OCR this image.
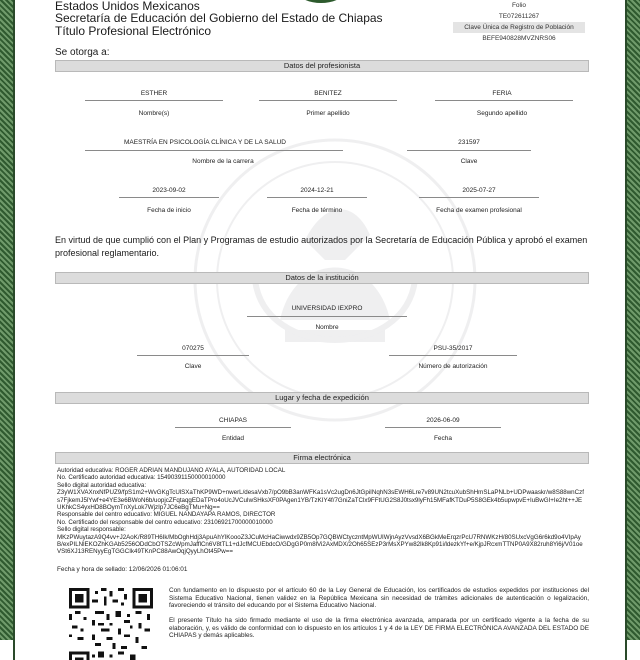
Estados Unidos Mexicanos
Secretaría de Educación del Gobierno del Estado de Chiapas
Título Profesional Electrónico
Folio
TE072611267
Clave Única de Registro de Población
BEFE940828MVZNRS06
Se otorga a:
Datos del profesionista
ESTHER
Nombre(s)
BENITEZ
Primer apellido
FERIA
Segundo apellido
MAESTRÍA EN PSICOLOGÍA CLÍNICA Y DE LA SALUD
Nombre de la carrera
231597
Clave
2023-09-02
Fecha de inicio
2024-12-21
Fecha de término
2025-07-27
Fecha de examen profesional
En virtud de que cumplió con el Plan y Programas de estudio autorizados por la Secretaría de Educación Pública y aprobó el examen profesional reglamentario.
Datos de la institución
UNIVERSIDAD IEXPRO
Nombre
070275
Clave
PSU-35/2017
Número de autorización
Lugar y fecha de expedición
CHIAPAS
Entidad
2026-06-09
Fecha
Firma electrónica
Autoridad educativa: ROGER ADRIAN MANDUJANO AYALA, AUTORIDAD LOCAL
No. Certificado autoridad educativa: 15490391150000010000
Sello digital autoridad educativa:
Z3yW1XVAXnxNfPUZ9/fpS1m2+WvGKgTcUlSXaThKP9WD+nwerL/desaVxb7/pO9bB3anWFKa1sVc2ugDn6JtGpiINqhN3sEWH6Lre7v89UN2tcuXubShHmSLaPNLb+UDPwaaskr/w8S88wnCzfs7FjkemJ5lYwf+e4YE3e6BWoN6b/uopjcZFqtaqgEDaTPro4oUcJVCuIwSHksXF0PAgen1YB/TzKIY4f/7GniZaTClx9FFtUG2S8J0tsx9lyFh15MFafKTDuP5S8GEk4b5upwpvE+IuBwGI+Ie2ht++JEUKhkCS4yxHD8BOymTnXyLok7WjzIp7JC6eBgTMu+Ng==
Responsable del centro educativo: MIGUEL NANDAYAPA RAMOS, DIRECTOR
No. Certificado del responsable del centro educativo: 23106921700000010000
Sello digital responsable:
MKzPWuytazA9Q4vv+J2AoK/R89TH6Ik/MbOghHdj3ApuAhYlKoooZ3JCuMcHaCiwwdx9ZB5Op7GQBWCtyczntMpWUIWjnAyzVvsdX6BGkMeErqzrPcU7RNWKzH/80SUxcVgG6r6kd9o4VIpAyB/exPILNlEKOZhKGAb5256ODdCbOTSZcWpmJafflCn6V8tTL1+dJcfMCUEbdcO/GDgGP0m8lVi2AxMDX/2Oh65SEzP3rMsXPYw82lk8Kp91i/ldezkYf+e/KjpJRcxmTTNP0A9X82ruh8Yi6j/V01oeVSt6XJ13RENyyEgTGGCIk49TKnPC88AwOqjQyyLhOt45Pw==
Fecha y hora de sellado: 12/06/2026 01:06:01
Con fundamento en lo dispuesto por el artículo 60 de la Ley General de Educación, los certificados de estudios expedidos por instituciones del Sistema Educativo Nacional, tienen validez en la República Mexicana sin necesidad de trámites adicionales de autenticación o legalización, favoreciendo el tránsito del educando por el Sistema Educativo Nacional.
El presente Título ha sido firmado mediante el uso de la firma electrónica avanzada, amparada por un certificado vigente a la fecha de su elaboración, y, es válido de conformidad con lo dispuesto en los artículos 1 y 4 de la LEY DE FIRMA ELECTRÓNICA AVANZADA DEL ESTADO DE CHIAPAS y demás aplicables.
